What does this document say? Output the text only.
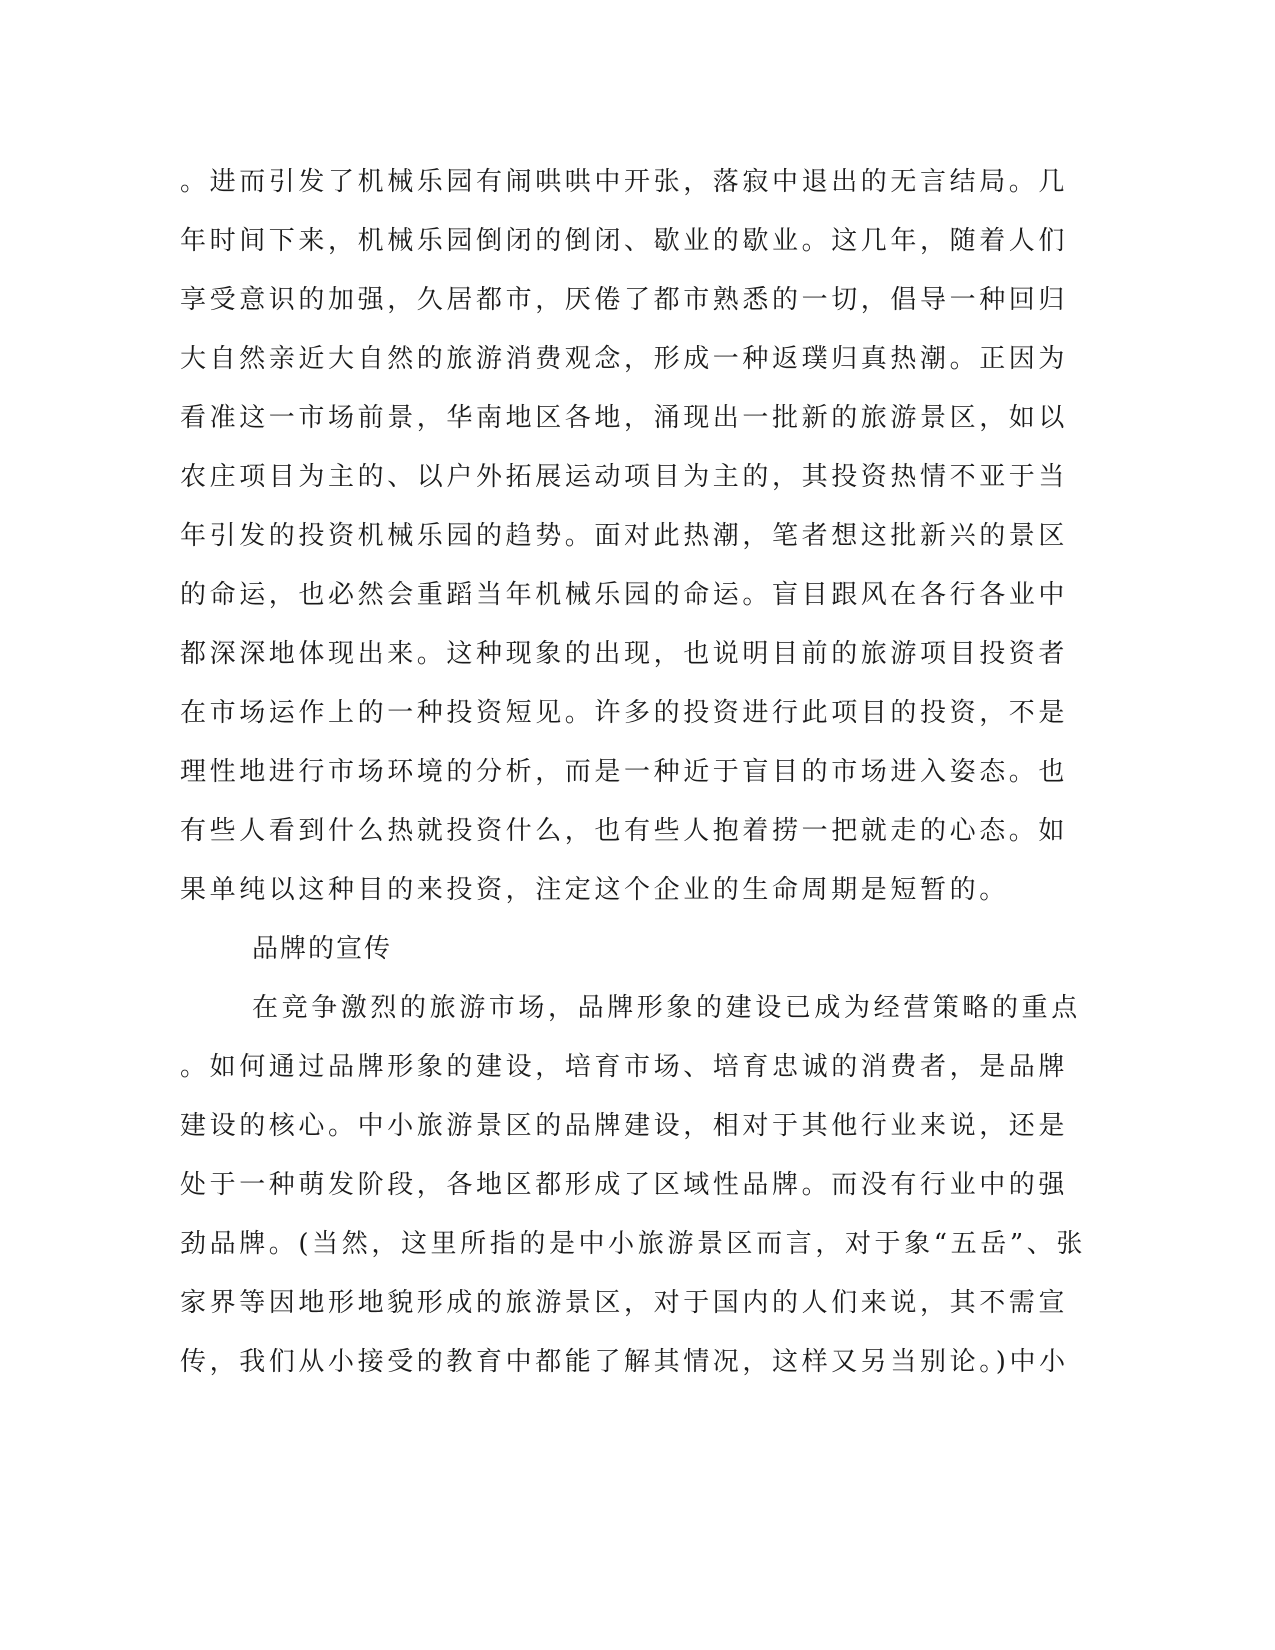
。进而引发了机械乐园有闹哄哄中开张，落寂中退出的无言结局。几
年时间下来，机械乐园倒闭的倒闭、歇业的歇业。这几年，随着人们
享受意识的加强，久居都市，厌倦了都市熟悉的一切，倡导一种回归
大自然亲近大自然的旅游消费观念，形成一种返璞归真热潮。正因为
看准这一市场前景，华南地区各地，涌现出一批新的旅游景区，如以
农庄项目为主的、以户外拓展运动项目为主的，其投资热情不亚于当
年引发的投资机械乐园的趋势。面对此热潮，笔者想这批新兴的景区
的命运，也必然会重蹈当年机械乐园的命运。盲目跟风在各行各业中
都深深地体现出来。这种现象的出现，也说明目前的旅游项目投资者
在市场运作上的一种投资短见。许多的投资进行此项目的投资，不是
理性地进行市场环境的分析，而是一种近于盲目的市场进入姿态。也
有些人看到什么热就投资什么，也有些人抱着捞一把就走的心态。如
果单纯以这种目的来投资，注定这个企业的生命周期是短暂的。
品牌的宣传
在竞争激烈的旅游市场，品牌形象的建设已成为经营策略的重点
。如何通过品牌形象的建设，培育市场、培育忠诚的消费者，是品牌
建设的核心。中小旅游景区的品牌建设，相对于其他行业来说，还是
处于一种萌发阶段，各地区都形成了区域性品牌。而没有行业中的强
劲品牌。(当然，这里所指的是中小旅游景区而言，对于象“五岳”、张
家界等因地形地貌形成的旅游景区，对于国内的人们来说，其不需宣
传，我们从小接受的教育中都能了解其情况，这样又另当别论。)中小
